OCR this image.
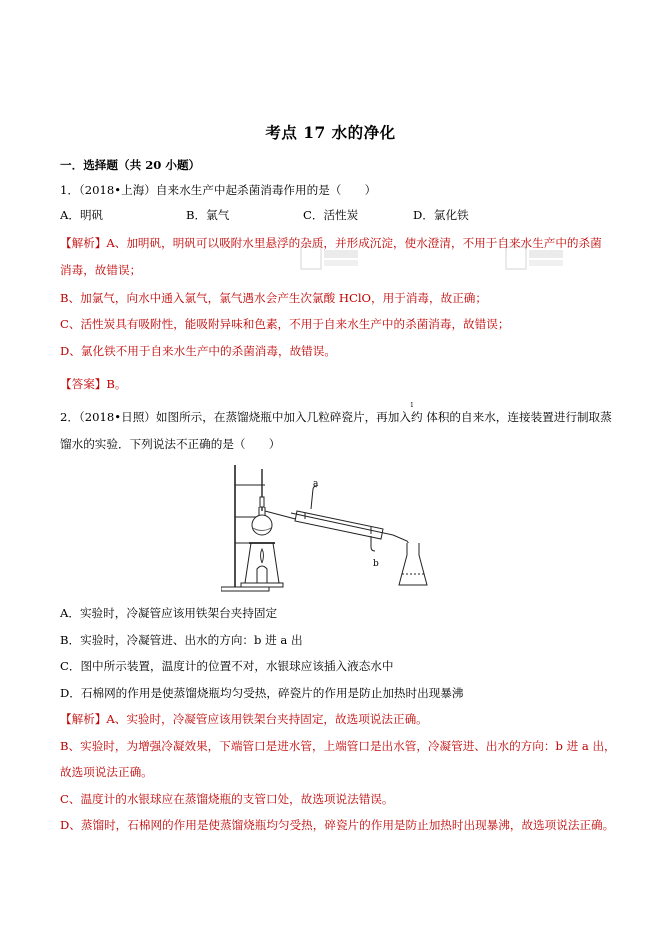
考点 17 水的净化
一．选择题（共 20 小题）
1．（2018•上海）自来水生产中起杀菌消毒作用的是（　　）
A．明矾	B．氯气	C．活性炭	D．氯化铁
【解析】A、加明矾，明矾可以吸附水里悬浮的杂质，并形成沉淀，使水澄清，不用于自来水生产中的杀菌
消毒，故错误；
B、加氯气，向水中通入氯气，氯气遇水会产生次氯酸 HClO，用于消毒，故正确；
C、活性炭具有吸附性，能吸附异味和色素，不用于自来水生产中的杀菌消毒，故错误；
D、氯化铁不用于自来水生产中的杀菌消毒，故错误。
【答案】B。
1
2．（2018•日照）如图所示，在蒸馏烧瓶中加入几粒碎瓷片，再加入约 体积的自来水，连接装置进行制取蒸
馏水的实验．下列说法不正确的是（　　）
a
b
A．实验时，冷凝管应该用铁架台夹持固定
B．实验时，冷凝管进、出水的方向：b 进 a 出
C．图中所示装置，温度计的位置不对，水银球应该插入液态水中
D．石棉网的作用是使蒸馏烧瓶均匀受热，碎瓷片的作用是防止加热时出现暴沸
【解析】A、实验时，冷凝管应该用铁架台夹持固定，故选项说法正确。
B、实验时，为增强冷凝效果，下端管口是进水管，上端管口是出水管，冷凝管进、出水的方向：b 进 a 出，
故选项说法正确。
C、温度计的水银球应在蒸馏烧瓶的支管口处，故选项说法错误。
D、蒸馏时，石棉网的作用是使蒸馏烧瓶均匀受热，碎瓷片的作用是防止加热时出现暴沸，故选项说法正确。
